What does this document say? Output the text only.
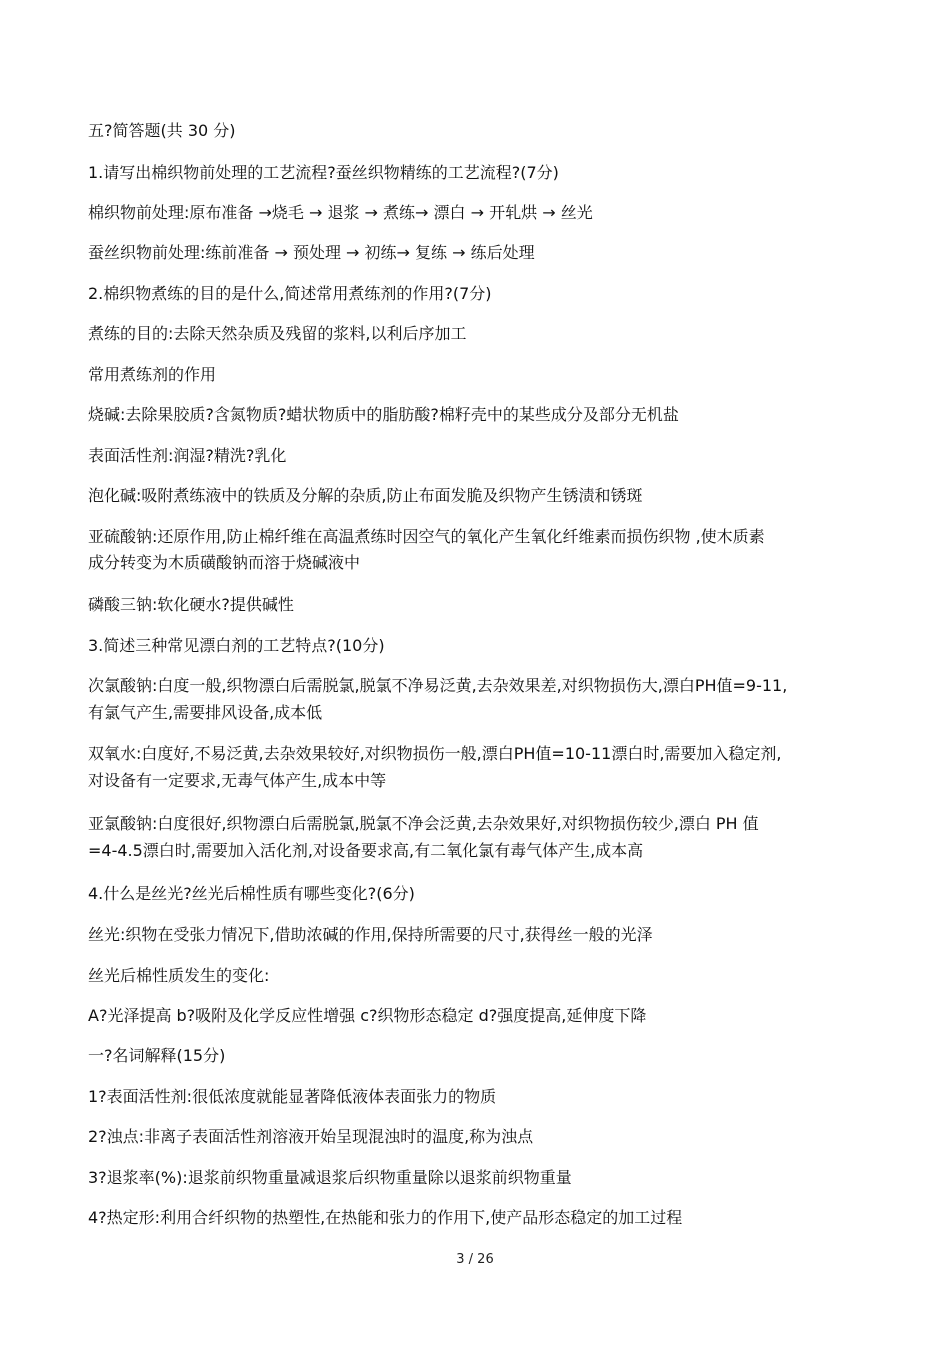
五?简答题(共 30 分)
1.请写出棉织物前处理的工艺流程?蚕丝织物精练的工艺流程?(7分)
棉织物前处理:原布准备 →烧毛 → 退浆 → 煮练→ 漂白 → 开轧烘 → 丝光
蚕丝织物前处理:练前准备 → 预处理 → 初练→ 复练 → 练后处理
2.棉织物煮练的目的是什么,简述常用煮练剂的作用?(7分)
煮练的目的:去除天然杂质及残留的浆料,以利后序加工
常用煮练剂的作用
烧碱:去除果胶质?含氮物质?蜡状物质中的脂肪酸?棉籽壳中的某些成分及部分无机盐
表面活性剂:润湿?精洗?乳化
泡化碱:吸附煮练液中的铁质及分解的杂质,防止布面发脆及织物产生锈渍和锈斑
亚硫酸钠:还原作用,防止棉纤维在高温煮练时因空气的氧化产生氧化纤维素而损伤织物 ,使木质素
成分转变为木质磺酸钠而溶于烧碱液中
磷酸三钠:软化硬水?提供碱性
3.简述三种常见漂白剂的工艺特点?(10分)
次氯酸钠:白度一般,织物漂白后需脱氯,脱氯不净易泛黄,去杂效果差,对织物损伤大,漂白PH值=9-11,
有氯气产生,需要排风设备,成本低
双氧水:白度好,不易泛黄,去杂效果较好,对织物损伤一般,漂白PH值=10-11漂白时,需要加入稳定剂,
对设备有一定要求,无毒气体产生,成本中等
亚氯酸钠:白度很好,织物漂白后需脱氯,脱氯不净会泛黄,去杂效果好,对织物损伤较少,漂白 PH 值
=4-4.5漂白时,需要加入活化剂,对设备要求高,有二氧化氯有毒气体产生,成本高
4.什么是丝光?丝光后棉性质有哪些变化?(6分)
丝光:织物在受张力情况下,借助浓碱的作用,保持所需要的尺寸,获得丝一般的光泽
丝光后棉性质发生的变化:
A?光泽提高 b?吸附及化学反应性增强 c?织物形态稳定 d?强度提高,延伸度下降
一?名词解释(15分)
1?表面活性剂:很低浓度就能显著降低液体表面张力的物质
2?浊点:非离子表面活性剂溶液开始呈现混浊时的温度,称为浊点
3?退浆率(%):退浆前织物重量减退浆后织物重量除以退浆前织物重量
4?热定形:利用合纤织物的热塑性,在热能和张力的作用下,使产品形态稳定的加工过程
3 / 26
